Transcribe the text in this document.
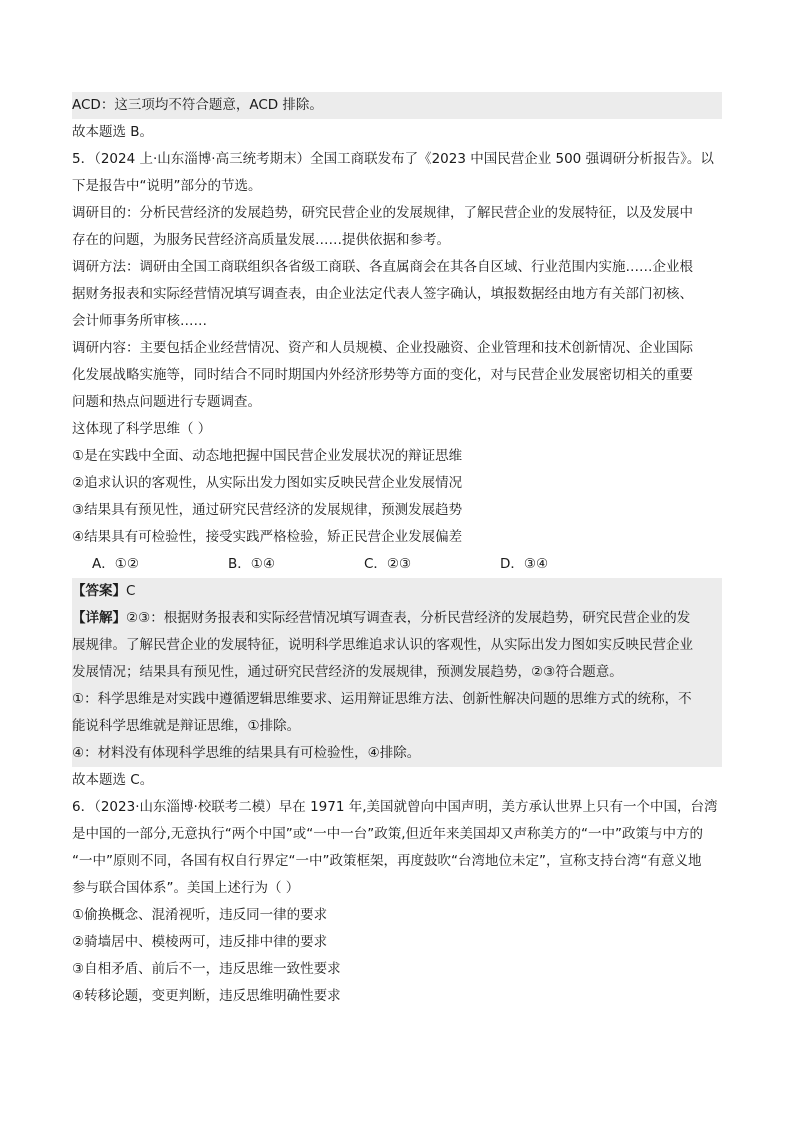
ACD：这三项均不符合题意，ACD 排除。
故本题选 B。
5．（2024 上·山东淄博·高三统考期末）全国工商联发布了《2023 中国民营企业 500 强调研分析报告》。以
下是报告中“说明”部分的节选。
调研目的：分析民营经济的发展趋势，研究民营企业的发展规律，了解民营企业的发展特征，以及发展中
存在的问题，为服务民营经济高质量发展……提供依据和参考。
调研方法：调研由全国工商联组织各省级工商联、各直属商会在其各自区域、行业范围内实施……企业根
据财务报表和实际经营情况填写调查表，由企业法定代表人签字确认，填报数据经由地方有关部门初核、
会计师事务所审核……
调研内容：主要包括企业经营情况、资产和人员规模、企业投融资、企业管理和技术创新情况、企业国际
化发展战略实施等，同时结合不同时期国内外经济形势等方面的变化，对与民营企业发展密切相关的重要
问题和热点问题进行专题调查。
这体现了科学思维（ ）
①是在实践中全面、动态地把握中国民营企业发展状况的辩证思维
②追求认识的客观性，从实际出发力图如实反映民营企业发展情况
③结果具有预见性，通过研究民营经济的发展规律，预测发展趋势
④结果具有可检验性，接受实践严格检验，矫正民营企业发展偏差
A．①②	B．①④	C．②③	D．③④
【答案】C
【详解】②③：根据财务报表和实际经营情况填写调查表，分析民营经济的发展趋势，研究民营企业的发
展规律。了解民营企业的发展特征，说明科学思维追求认识的客观性，从实际出发力图如实反映民营企业
发展情况；结果具有预见性，通过研究民营经济的发展规律，预测发展趋势，②③符合题意。
①：科学思维是对实践中遵循逻辑思维要求、运用辩证思维方法、创新性解决问题的思维方式的统称，不
能说科学思维就是辩证思维，①排除。
④：材料没有体现科学思维的结果具有可检验性，④排除。
故本题选 C。
6．（2023·山东淄博·校联考二模）早在 1971 年,美国就曾向中国声明，美方承认世界上只有一个中国，台湾
是中国的一部分,无意执行“两个中国”或“一中一台”政策,但近年来美国却又声称美方的“一中”政策与中方的
“一中”原则不同，各国有权自行界定“一中”政策框架，再度鼓吹“台湾地位未定”，宣称支持台湾“有意义地
参与联合国体系”。美国上述行为（ ）
①偷换概念、混淆视听，违反同一律的要求
②骑墙居中、模棱两可，违反排中律的要求
③自相矛盾、前后不一，违反思维一致性要求
④转移论题，变更判断，违反思维明确性要求
